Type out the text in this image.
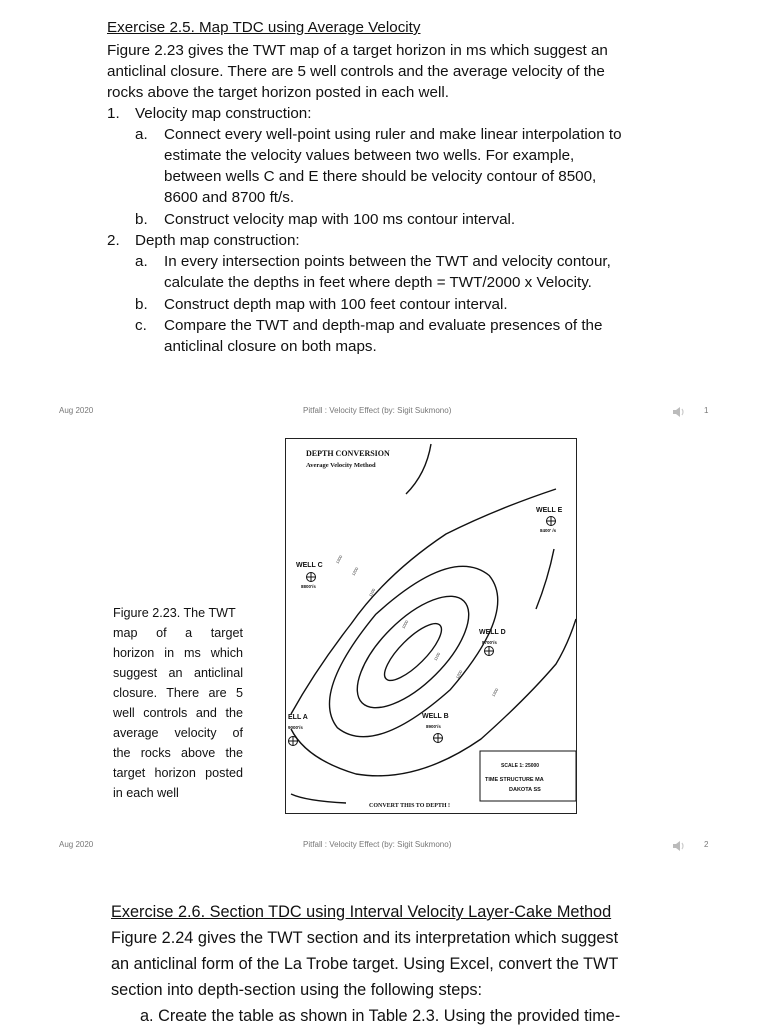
Exercise 2.5. Map TDC using Average Velocity
Figure 2.23 gives the TWT map of a target horizon in ms which suggest an
anticlinal closure. There are 5 well controls and the average velocity of the
rocks above the target horizon posted in each well.
1. Velocity map construction:
a. Connect every well-point using ruler and make linear interpolation to
estimate the velocity values between two wells. For example,
between wells C and E there should be velocity contour of 8500,
8600 and 8700 ft/s.
b. Construct velocity map with 100 ms contour interval.
2. Depth map construction:
a. In every intersection points between the TWT and velocity contour,
calculate the depths in feet where depth = TWT/2000 x Velocity.
b. Construct depth map with 100 feet contour interval.
c. Compare the TWT and depth-map and evaluate presences of the
anticlinal closure on both maps.
Aug 2020	Pitfall : Velocity Effect (by: Sigit Sukmono)	1
Figure 2.23. The TWT
map of a target
horizon in ms which
suggest an anticlinal
closure. There are 5
well controls and the
average velocity of
the rocks above the
target horizon posted
in each well
DEPTH CONVERSION
Average Velocity Method
1300
1200
1100
1000
1100
1200
1300
WELL E
8400' /s
WELL C
8800'/s
WELL D
8700'/s
ELL A
9000'/s
WELL B
8900'/s
SCALE 1: 25000
TIME STRUCTURE MA
DAKOTA SS
CONVERT THIS TO DEPTH !
Aug 2020	Pitfall : Velocity Effect (by: Sigit Sukmono)	2
Exercise 2.6. Section TDC using Interval Velocity Layer-Cake Method
Figure 2.24 gives the TWT section and its interpretation which suggest
an anticlinal form of the La Trobe target. Using Excel, convert the TWT
section into depth-section using the following steps:
a. Create the table as shown in Table 2.3. Using the provided time-
